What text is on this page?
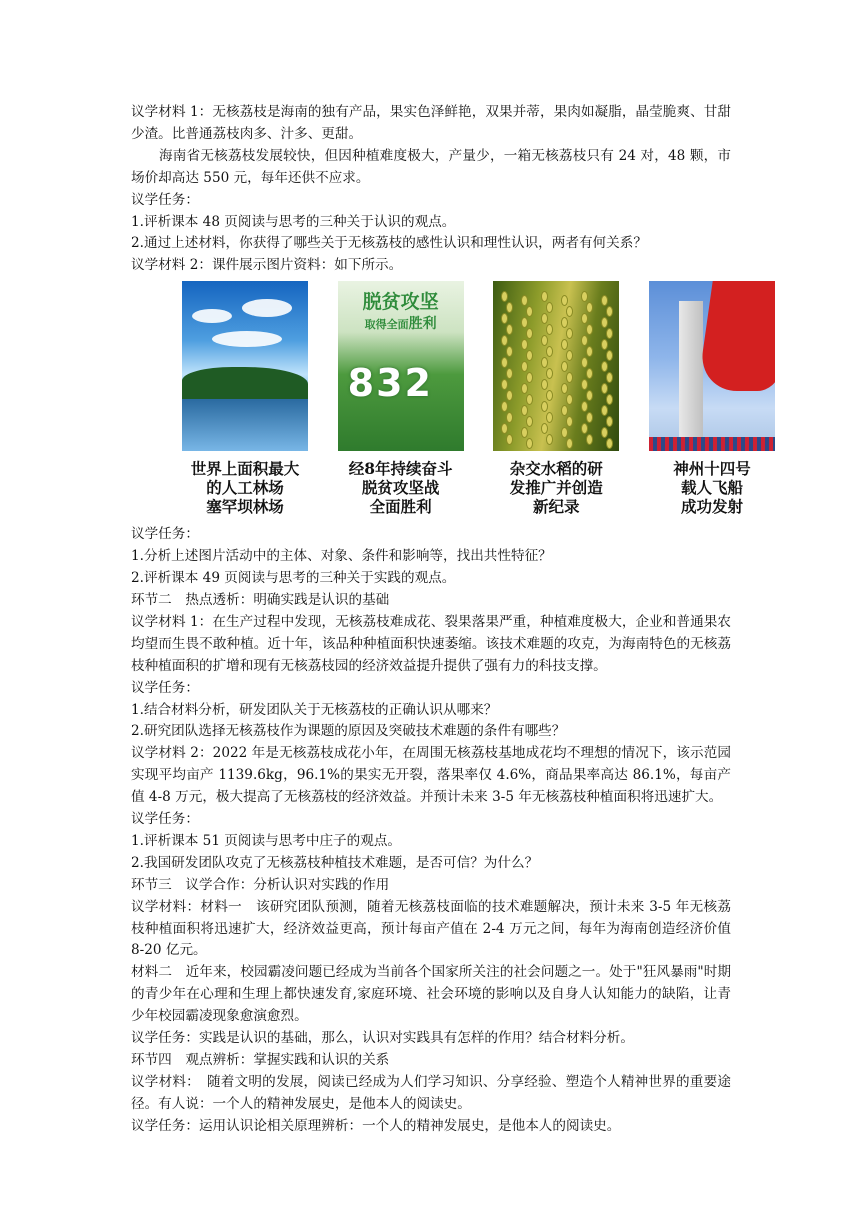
议学材料 1：无核荔枝是海南的独有产品，果实色泽鲜艳，双果并蒂，果肉如凝脂，晶莹脆爽、甘甜少渣。比普通荔枝肉多、汁多、更甜。

海南省无核荔枝发展较快，但因种植难度极大，产量少，一箱无核荔枝只有 24 对，48 颗，市场价却高达 550 元，每年还供不应求。

议学任务：

1.评析课本 48 页阅读与思考的三种关于认识的观点。

2.通过上述材料，你获得了哪些关于无核荔枝的感性认识和理性认识，两者有何关系？

议学材料 2：课件展示图片资料：如下所示。

世界上面积最大
的人工林场
塞罕坝林场
脱贫攻坚
取得全面胜利
832
经8年持续奋斗
脱贫攻坚战
全面胜利
杂交水稻的研
发推广并创造
新纪录
神州十四号
载人飞船
成功发射

议学任务：

1.分析上述图片活动中的主体、对象、条件和影响等，找出共性特征？

2.评析课本 49 页阅读与思考的三种关于实践的观点。

环节二　热点透析：明确实践是认识的基础

议学材料 1：在生产过程中发现，无核荔枝难成花、裂果落果严重，种植难度极大，企业和普通果农均望而生畏不敢种植。近十年，该品种种植面积快速萎缩。该技术难题的攻克，为海南特色的无核荔枝种植面积的扩增和现有无核荔枝园的经济效益提升提供了强有力的科技支撑。

议学任务：

1.结合材料分析，研发团队关于无核荔枝的正确认识从哪来？

2.研究团队选择无核荔枝作为课题的原因及突破技术难题的条件有哪些？

议学材料 2：2022 年是无核荔枝成花小年，在周围无核荔枝基地成花均不理想的情况下，该示范园实现平均亩产 1139.6kg，96.1%的果实无开裂，落果率仅 4.6%，商品果率高达 86.1%，每亩产值 4-8 万元，极大提高了无核荔枝的经济效益。并预计未来 3-5 年无核荔枝种植面积将迅速扩大。

议学任务：

1.评析课本 51 页阅读与思考中庄子的观点。

2.我国研发团队攻克了无核荔枝种植技术难题，是否可信？为什么？

环节三　议学合作：分析认识对实践的作用

议学材料：材料一　该研究团队预测，随着无核荔枝面临的技术难题解决，预计未来 3-5 年无核荔枝种植面积将迅速扩大，经济效益更高，预计每亩产值在 2-4 万元之间，每年为海南创造经济价值 8-20 亿元。

材料二　近年来，校园霸凌问题已经成为当前各个国家所关注的社会问题之一。处于"狂风暴雨"时期的青少年在心理和生理上都快速发育,家庭环境、社会环境的影响以及自身人认知能力的缺陷，让青少年校园霸凌现象愈演愈烈。

议学任务：实践是认识的基础，那么，认识对实践具有怎样的作用？结合材料分析。

环节四　观点辨析：掌握实践和认识的关系

议学材料：　随着文明的发展，阅读已经成为人们学习知识、分享经验、塑造个人精神世界的重要途径。有人说：一个人的精神发展史，是他本人的阅读史。

议学任务：运用认识论相关原理辨析：一个人的精神发展史，是他本人的阅读史。
